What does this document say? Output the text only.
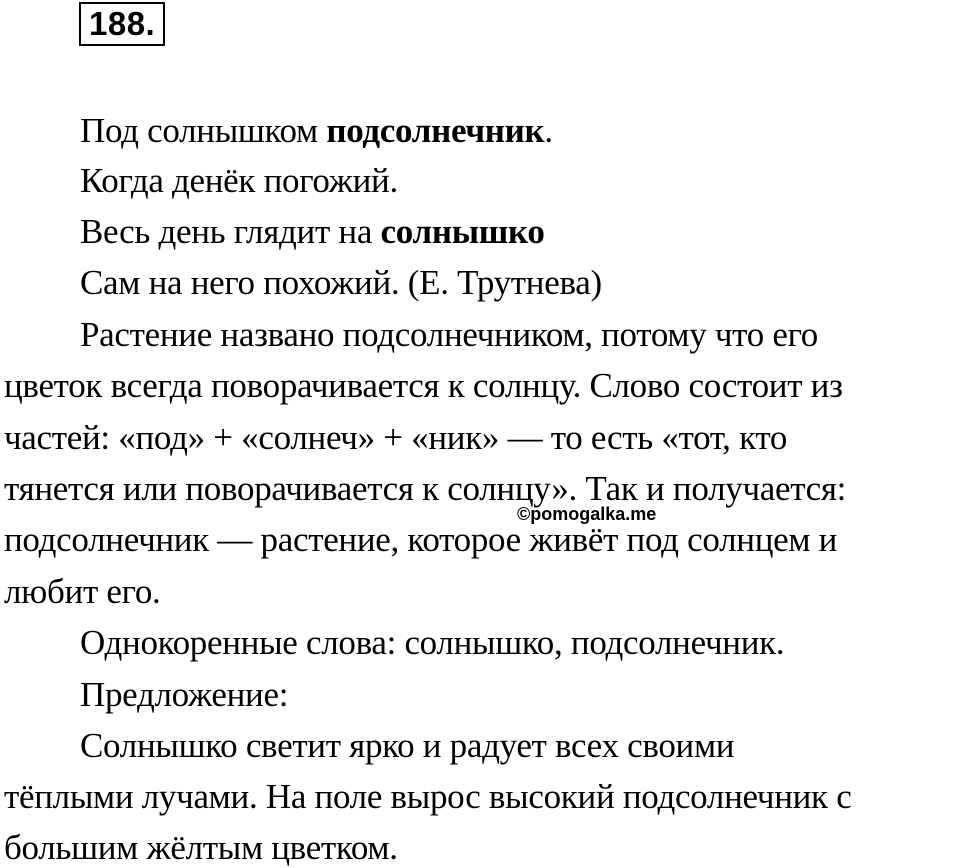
188.
Под солнышком подсолнечник.
Когда денёк погожий.
Весь день глядит на солнышко
Сам на него похожий. (Е. Трутнева)
Растение названо подсолнечником, потому что его
цветок всегда поворачивается к солнцу. Слово состоит из
частей: «под» + «солнеч» + «ник» — то есть «тот, кто
тянется или поворачивается к солнцу». Так и получается:
подсолнечник — растение, которое живёт под солнцем и
любит его.
Однокоренные слова: солнышко, подсолнечник.
Предложение:
Солнышко светит ярко и радует всех своими
тёплыми лучами. На поле вырос высокий подсолнечник с
большим жёлтым цветком.
©pomogalka.me
